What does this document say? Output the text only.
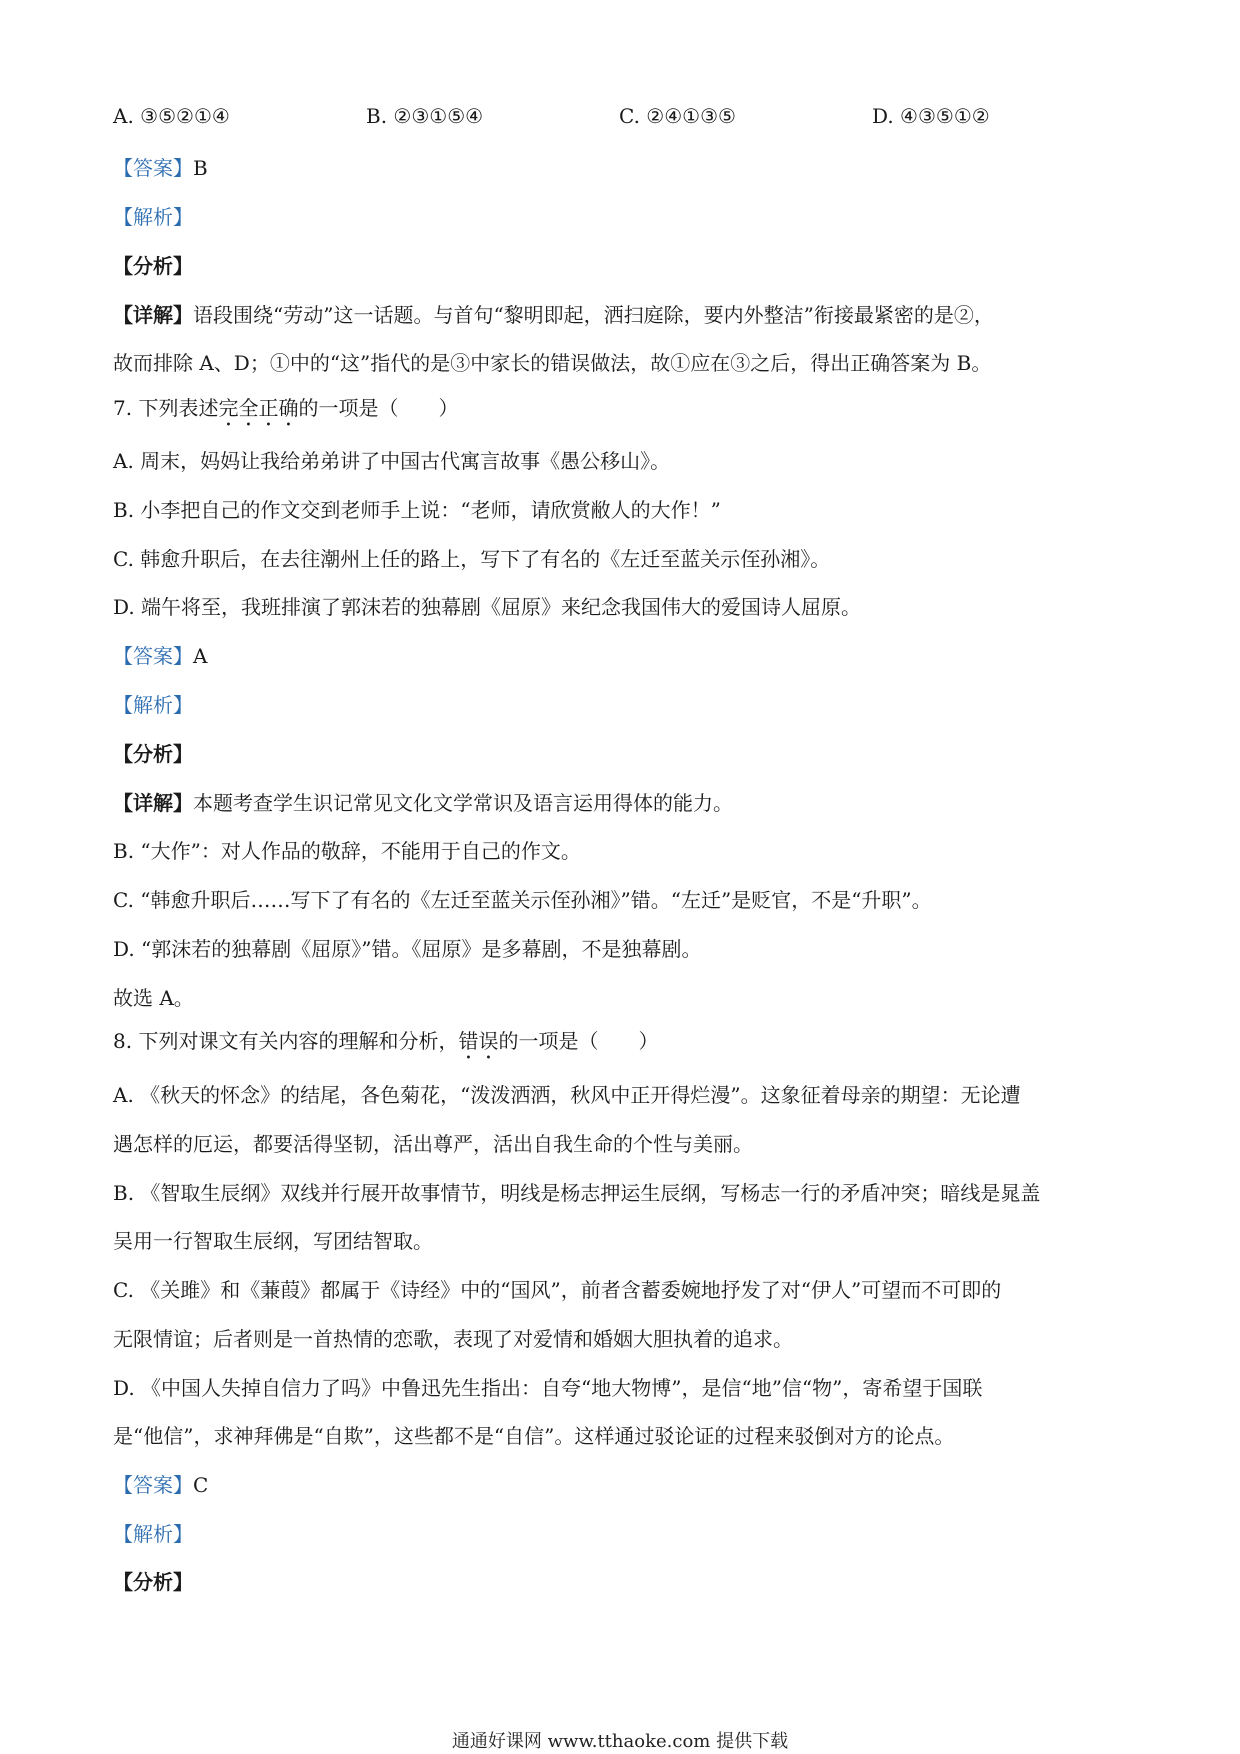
A. ③⑤②①④	B. ②③①⑤④	C. ②④①③⑤	D. ④③⑤①②
【答案】B
【解析】
【分析】
【详解】语段围绕“劳动”这一话题。与首句“黎明即起，洒扫庭除，要内外整洁”衔接最紧密的是②，
故而排除 A、D；①中的“这”指代的是③中家长的错误做法，故①应在③之后，得出正确答案为 B。
7. 下列表述完全正确的一项是（　　）
A. 周末，妈妈让我给弟弟讲了中国古代寓言故事《愚公移山》。
B. 小李把自己的作文交到老师手上说：“老师，请欣赏敝人的大作！”
C. 韩愈升职后，在去往潮州上任的路上，写下了有名的《左迁至蓝关示侄孙湘》。
D. 端午将至，我班排演了郭沫若的独幕剧《屈原》来纪念我国伟大的爱国诗人屈原。
【答案】A
【解析】
【分析】
【详解】本题考查学生识记常见文化文学常识及语言运用得体的能力。
B. “大作”：对人作品的敬辞，不能用于自己的作文。
C. “韩愈升职后……写下了有名的《左迁至蓝关示侄孙湘》”错。“左迁”是贬官，不是“升职”。
D. “郭沫若的独幕剧《屈原》”错。《屈原》是多幕剧，不是独幕剧。
故选 A。
8. 下列对课文有关内容的理解和分析，错误的一项是（　　）
A. 《秋天的怀念》的结尾，各色菊花，“泼泼洒洒，秋风中正开得烂漫”。这象征着母亲的期望：无论遭
遇怎样的厄运，都要活得坚韧，活出尊严，活出自我生命的个性与美丽。
B. 《智取生辰纲》双线并行展开故事情节，明线是杨志押运生辰纲，写杨志一行的矛盾冲突；暗线是晁盖
吴用一行智取生辰纲，写团结智取。
C. 《关雎》和《蒹葭》都属于《诗经》中的“国风”，前者含蓄委婉地抒发了对“伊人”可望而不可即的
无限情谊；后者则是一首热情的恋歌，表现了对爱情和婚姻大胆执着的追求。
D. 《中国人失掉自信力了吗》中鲁迅先生指出：自夸“地大物博”，是信“地”信“物”，寄希望于国联
是“他信”，求神拜佛是“自欺”，这些都不是“自信”。这样通过驳论证的过程来驳倒对方的论点。
【答案】C
【解析】
【分析】
通通好课网 www.tthaoke.com 提供下载
